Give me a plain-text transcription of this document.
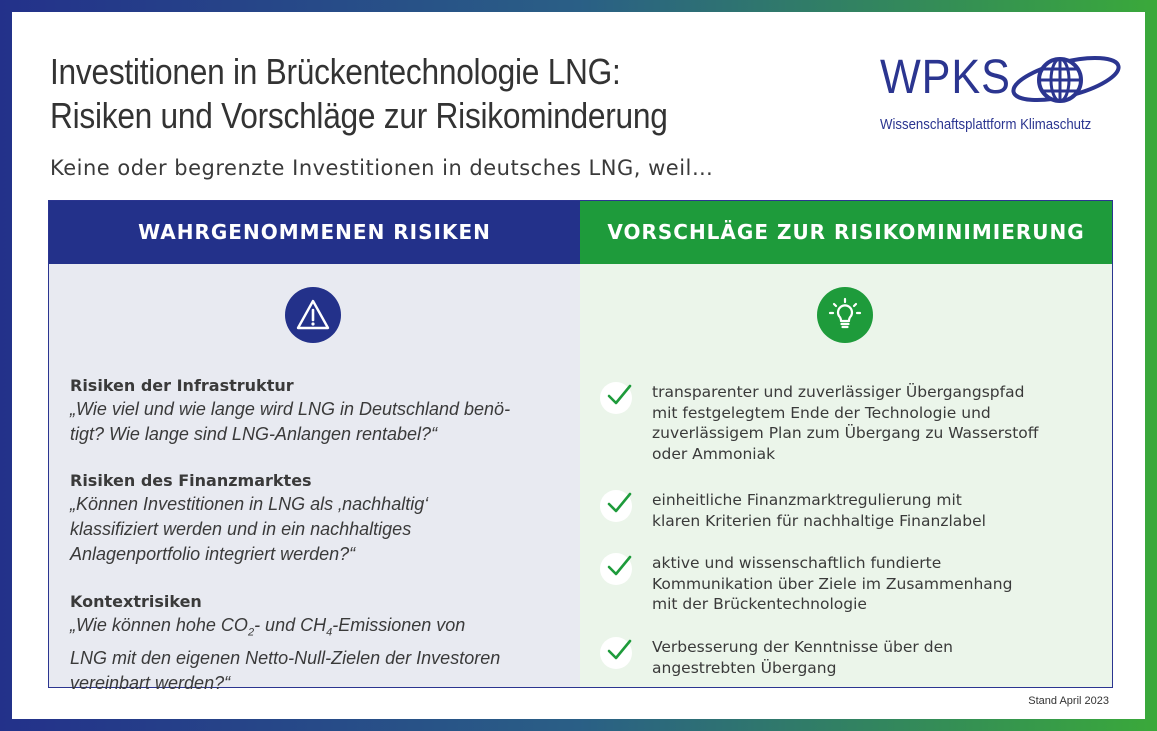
Investitionen in Brückentechnologie LNG:
Risiken und Vorschläge zur Risikominderung
Keine oder begrenzte Investitionen in deutsches LNG, weil…
WPKS
Wissenschaftsplattform Klimaschutz
WAHRGENOMMENEN RISIKEN
Risiken der Infrastruktur
„Wie viel und wie lange wird LNG in Deutschland benö-
tigt? Wie lange sind LNG-Anlangen rentabel?“
Risiken des Finanzmarktes
„Können Investitionen in LNG als ‚nachhaltig‘
klassifiziert werden und in ein nachhaltiges
Anlagenportfolio integriert werden?“
Kontextrisiken
„Wie können hohe $CO_2-$ und $CH_4$-Emissionen von
LNG mit den eigenen Netto-Null-Zielen der Investoren
vereinbart werden?“
VORSCHLÄGE ZUR RISIKOMINIMIERUNG
transparenter und zuverlässiger Übergangspfad
mit festgelegtem Ende der Technologie und
zuverlässigem Plan zum Übergang zu Wasserstoff
oder Ammoniak
einheitliche Finanzmarktregulierung mit
klaren Kriterien für nachhaltige Finanzlabel
aktive und wissenschaftlich fundierte
Kommunikation über Ziele im Zusammenhang
mit der Brückentechnologie
Verbesserung der Kenntnisse über den
angestrebten Übergang
Stand April 2023
